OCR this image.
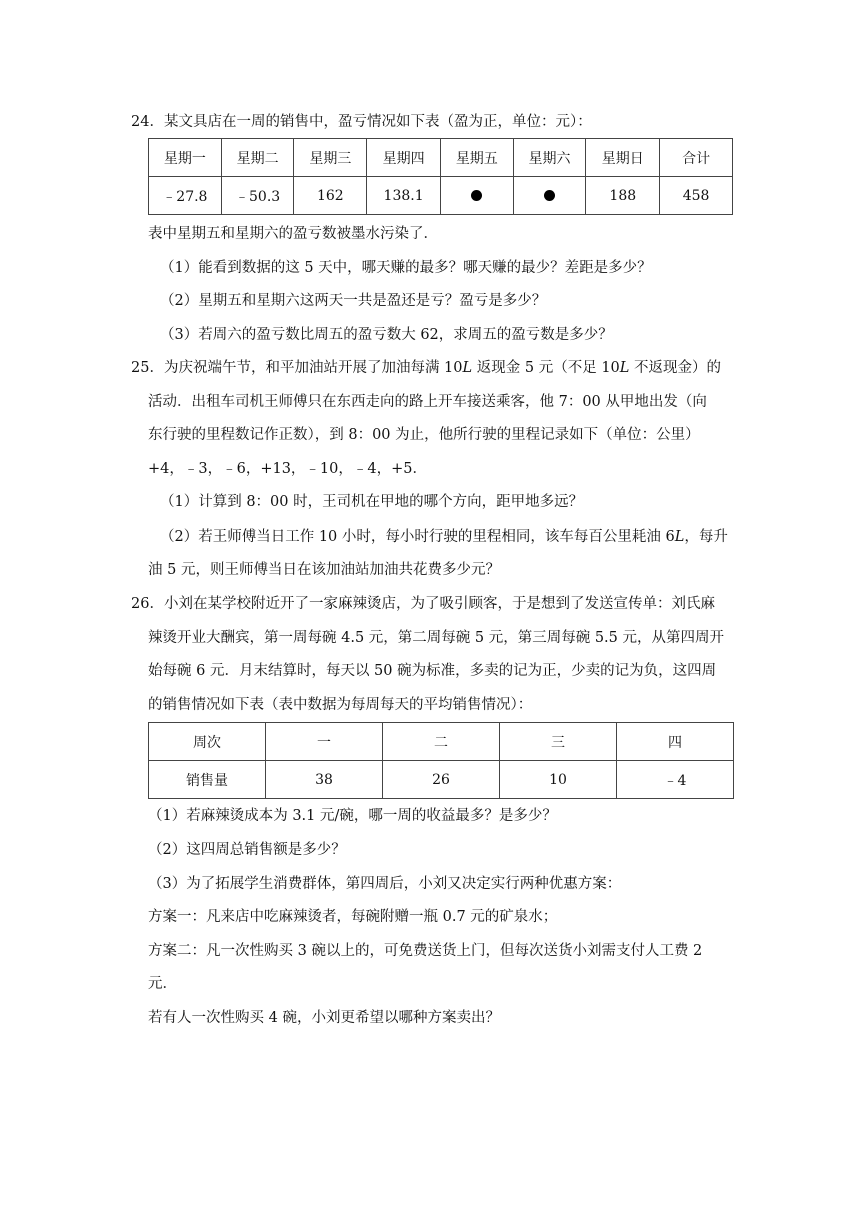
24．某文具店在一周的销售中，盈亏情况如下表（盈为正，单位：元）：
星期一	星期二	星期三	星期四	星期五	星期六	星期日	合计
﹣27.8	﹣50.3	162	138.1			188	458
表中星期五和星期六的盈亏数被墨水污染了．
（1）能看到数据的这 5 天中，哪天赚的最多？哪天赚的最少？差距是多少？
（2）星期五和星期六这两天一共是盈还是亏？盈亏是多少？
（3）若周六的盈亏数比周五的盈亏数大 62，求周五的盈亏数是多少？
25．为庆祝端午节，和平加油站开展了加油每满 10L 返现金 5 元（不足 10L 不返现金）的
活动．出租车司机王师傅只在东西走向的路上开车接送乘客，他 7：00 从甲地出发（向
东行驶的里程数记作正数），到 8：00 为止，他所行驶的里程记录如下（单位：公里）
+4，﹣3，﹣6，+13，﹣10，﹣4，+5．
（1）计算到 8：00 时，王司机在甲地的哪个方向，距甲地多远？
（2）若王师傅当日工作 10 小时，每小时行驶的里程相同，该车每百公里耗油 6L，每升
油 5 元，则王师傅当日在该加油站加油共花费多少元？
26．小刘在某学校附近开了一家麻辣烫店，为了吸引顾客，于是想到了发送宣传单：刘氏麻
辣烫开业大酬宾，第一周每碗 4.5 元，第二周每碗 5 元，第三周每碗 5.5 元，从第四周开
始每碗 6 元．月末结算时，每天以 50 碗为标准，多卖的记为正，少卖的记为负，这四周
的销售情况如下表（表中数据为每周每天的平均销售情况）：
周次	一	二	三	四
销售量	38	26	10	﹣4
（1）若麻辣烫成本为 3.1 元/碗，哪一周的收益最多？是多少？
（2）这四周总销售额是多少？
（3）为了拓展学生消费群体，第四周后，小刘又决定实行两种优惠方案：
方案一：凡来店中吃麻辣烫者，每碗附赠一瓶 0.7 元的矿泉水；
方案二：凡一次性购买 3 碗以上的，可免费送货上门，但每次送货小刘需支付人工费 2
元．
若有人一次性购买 4 碗，小刘更希望以哪种方案卖出？
